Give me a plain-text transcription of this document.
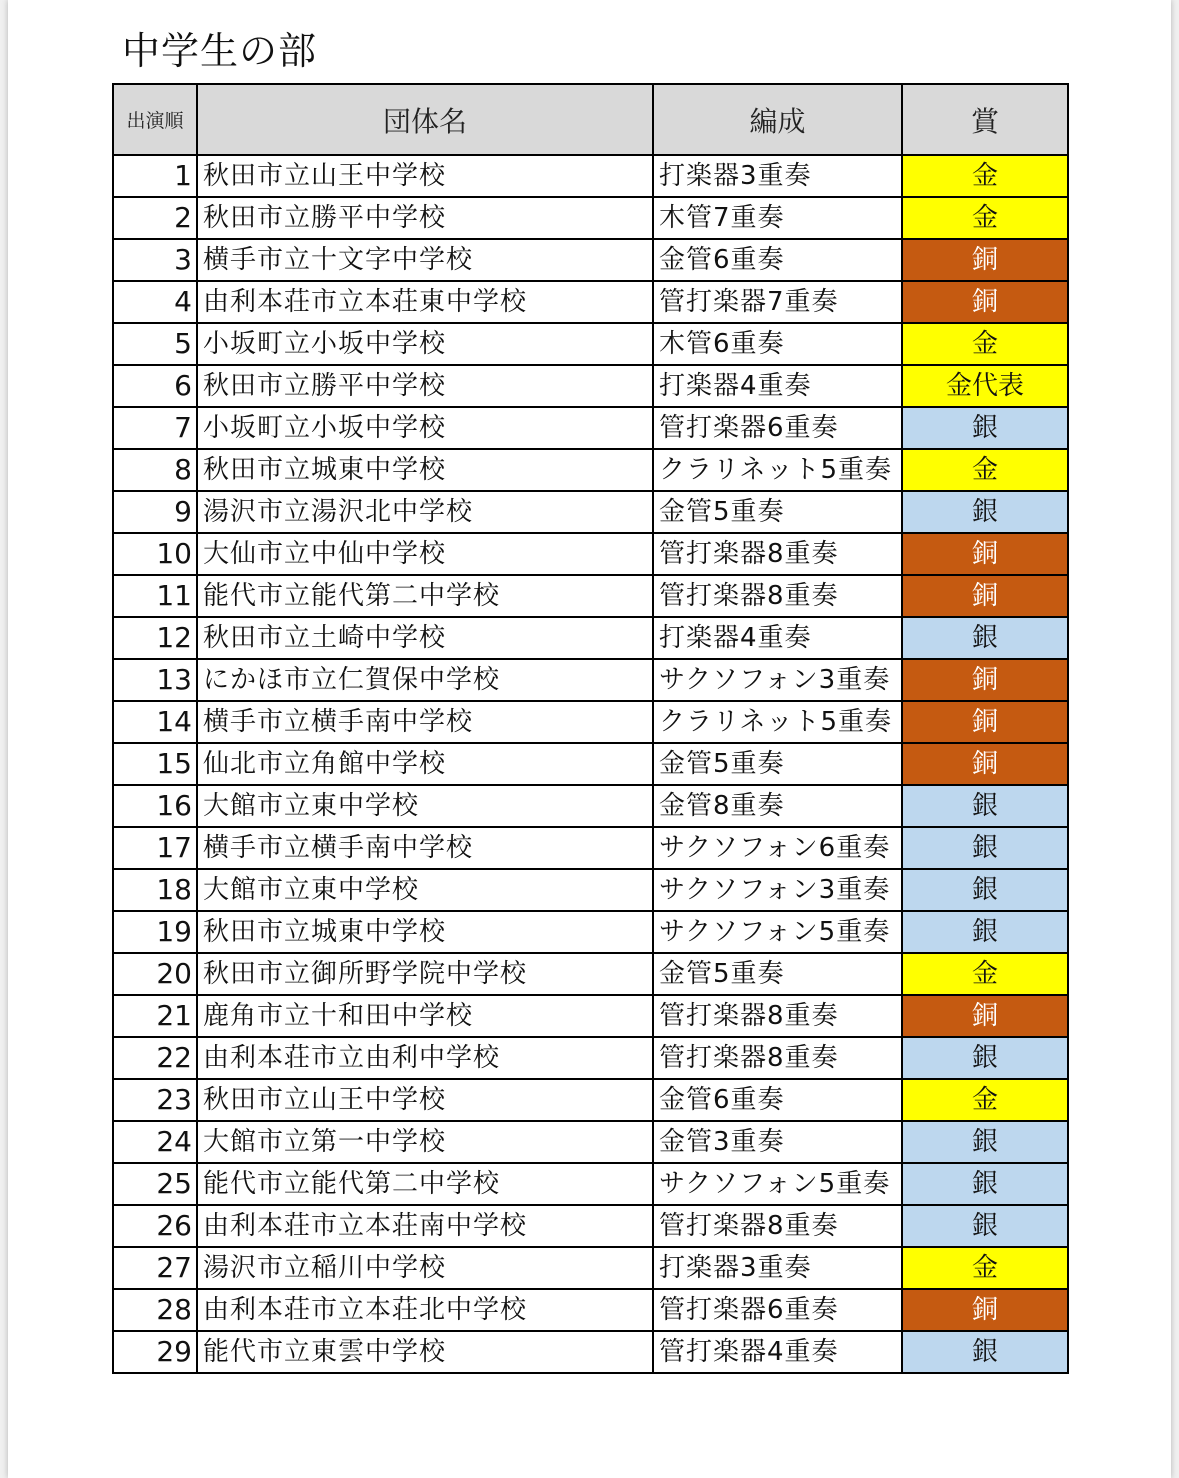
中学生の部
出演順	団体名	編成	賞
1	秋田市立山王中学校	打楽器3重奏	金
2	秋田市立勝平中学校	木管7重奏	金
3	横手市立十文字中学校	金管6重奏	銅
4	由利本荘市立本荘東中学校	管打楽器7重奏	銅
5	小坂町立小坂中学校	木管6重奏	金
6	秋田市立勝平中学校	打楽器4重奏	金代表
7	小坂町立小坂中学校	管打楽器6重奏	銀
8	秋田市立城東中学校	クラリネット5重奏	金
9	湯沢市立湯沢北中学校	金管5重奏	銀
10	大仙市立中仙中学校	管打楽器8重奏	銅
11	能代市立能代第二中学校	管打楽器8重奏	銅
12	秋田市立土崎中学校	打楽器4重奏	銀
13	にかほ市立仁賀保中学校	サクソフォン3重奏	銅
14	横手市立横手南中学校	クラリネット5重奏	銅
15	仙北市立角館中学校	金管5重奏	銅
16	大館市立東中学校	金管8重奏	銀
17	横手市立横手南中学校	サクソフォン6重奏	銀
18	大館市立東中学校	サクソフォン3重奏	銀
19	秋田市立城東中学校	サクソフォン5重奏	銀
20	秋田市立御所野学院中学校	金管5重奏	金
21	鹿角市立十和田中学校	管打楽器8重奏	銅
22	由利本荘市立由利中学校	管打楽器8重奏	銀
23	秋田市立山王中学校	金管6重奏	金
24	大館市立第一中学校	金管3重奏	銀
25	能代市立能代第二中学校	サクソフォン5重奏	銀
26	由利本荘市立本荘南中学校	管打楽器8重奏	銀
27	湯沢市立稲川中学校	打楽器3重奏	金
28	由利本荘市立本荘北中学校	管打楽器6重奏	銅
29	能代市立東雲中学校	管打楽器4重奏	銀
